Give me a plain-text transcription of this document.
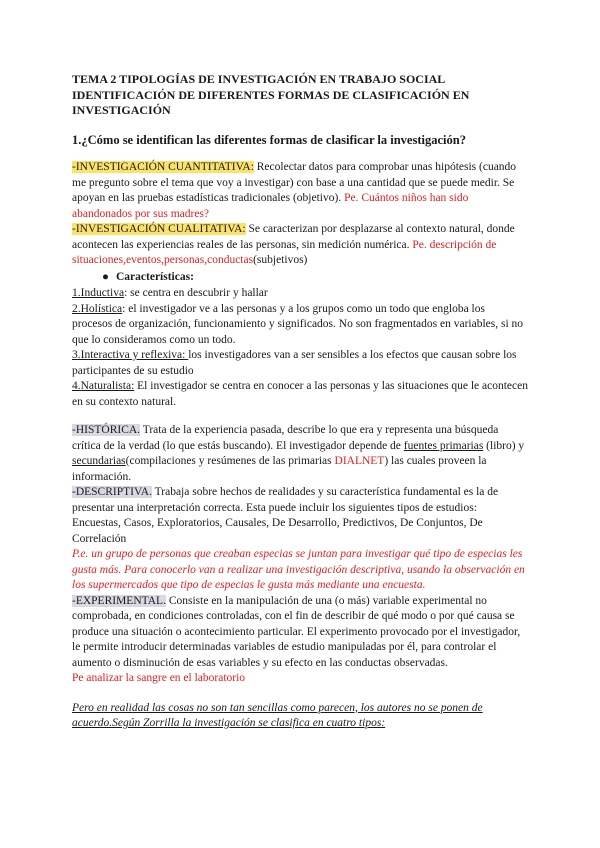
TEMA 2 TIPOLOGÍAS DE INVESTIGACIÓN EN TRABAJO SOCIAL IDENTIFICACIÓN DE DIFERENTES FORMAS DE CLASIFICACIÓN EN INVESTIGACIÓN

1.¿Cómo se identifican las diferentes formas de clasificar la investigación?

-INVESTIGACIÓN CUANTITATIVA: Recolectar datos para comprobar unas hipótesis (cuando me pregunto sobre el tema que voy a investigar) con base a una cantidad que se puede medir. Se apoyan en las pruebas estadísticas tradicionales (objetivo). Pe. Cuántos niños han sido abandonados por sus madres?

-INVESTIGACIÓN CUALITATIVA: Se caracterizan por desplazarse al contexto natural, donde acontecen las experiencias reales de las personas, sin medición numérica. Pe. descripción de situaciones,eventos,personas,conductas(subjetivos)

● Características:

1.Inductiva: se centra en descubrir y hallar

2.Holística: el investigador ve a las personas y a los grupos como un todo que engloba los procesos de organización, funcionamiento y significados. No son fragmentados en variables, si no que lo consideramos como un todo.

3.Interactiva y reflexiva: los investigadores van a ser sensibles a los efectos que causan sobre los participantes de su estudio

4.Naturalista: El investigador se centra en conocer a las personas y las situaciones que le acontecen en su contexto natural.

-HISTÓRICA. Trata de la experiencia pasada, describe lo que era y representa una búsqueda crítica de la verdad (lo que estás buscando). El investigador depende de fuentes primarias (libro) y secundarias(compilaciones y resúmenes de las primarias DIALNET) las cuales proveen la información.

-DESCRIPTIVA. Trabaja sobre hechos de realidades y su característica fundamental es la de presentar una interpretación correcta. Esta puede incluir los siguientes tipos de estudios: Encuestas, Casos, Exploratorios, Causales, De Desarrollo, Predictivos, De Conjuntos, De Correlación

P.e. un grupo de personas que creaban especias se juntan para investigar qué tipo de especias les gusta más. Para conocerlo van a realizar una investigación descriptiva, usando la observación en los supermercados que tipo de especias le gusta más mediante una encuesta.

-EXPERIMENTAL. Consiste en la manipulación de una (o más) variable experimental no comprobada, en condiciones controladas, con el fin de describir de qué modo o por qué causa se produce una situación o acontecimiento particular. El experimento provocado por el investigador, le permite introducir determinadas variables de estudio manipuladas por él, para controlar el aumento o disminución de esas variables y su efecto en las conductas observadas.

Pe analizar la sangre en el laboratorio

Pero en realidad las cosas no son tan sencillas como parecen, los autores no se ponen de acuerdo.Según Zorrilla la investigación se clasifica en cuatro tipos:
